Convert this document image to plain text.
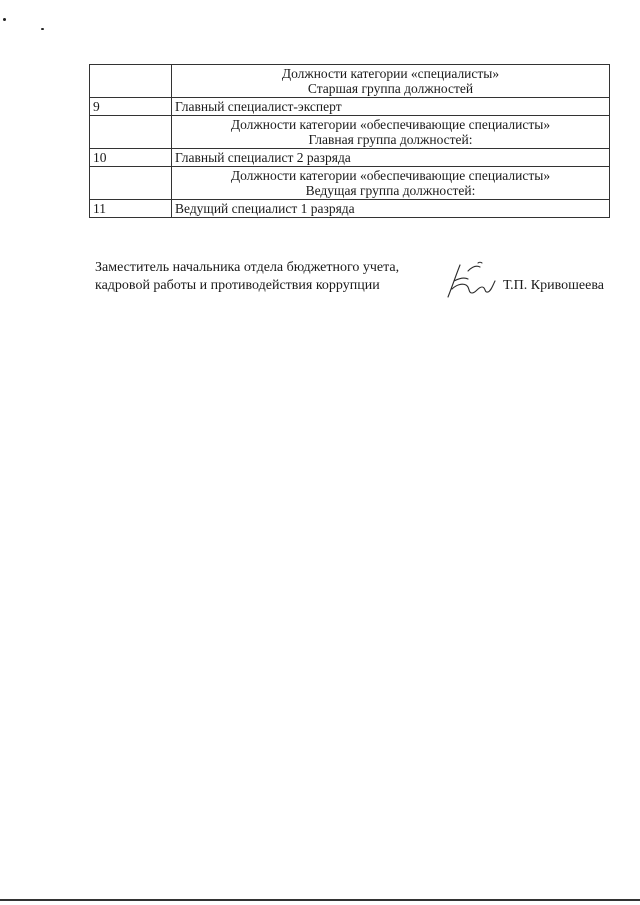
	Должности категории «специалисты»
Старшая группа должностей

9	Главный специалист-эксперт

	Должности категории «обеспечивающие специалисты»
Главная группа должностей:

10	Главный специалист 2 разряда

	Должности категории «обеспечивающие специалисты»
Ведущая группа должностей:

11	Ведущий специалист 1 разряда
Заместитель начальника отдела бюджетного учета,
кадровой работы и противодействия коррупции	Т.П. Кривошеева
